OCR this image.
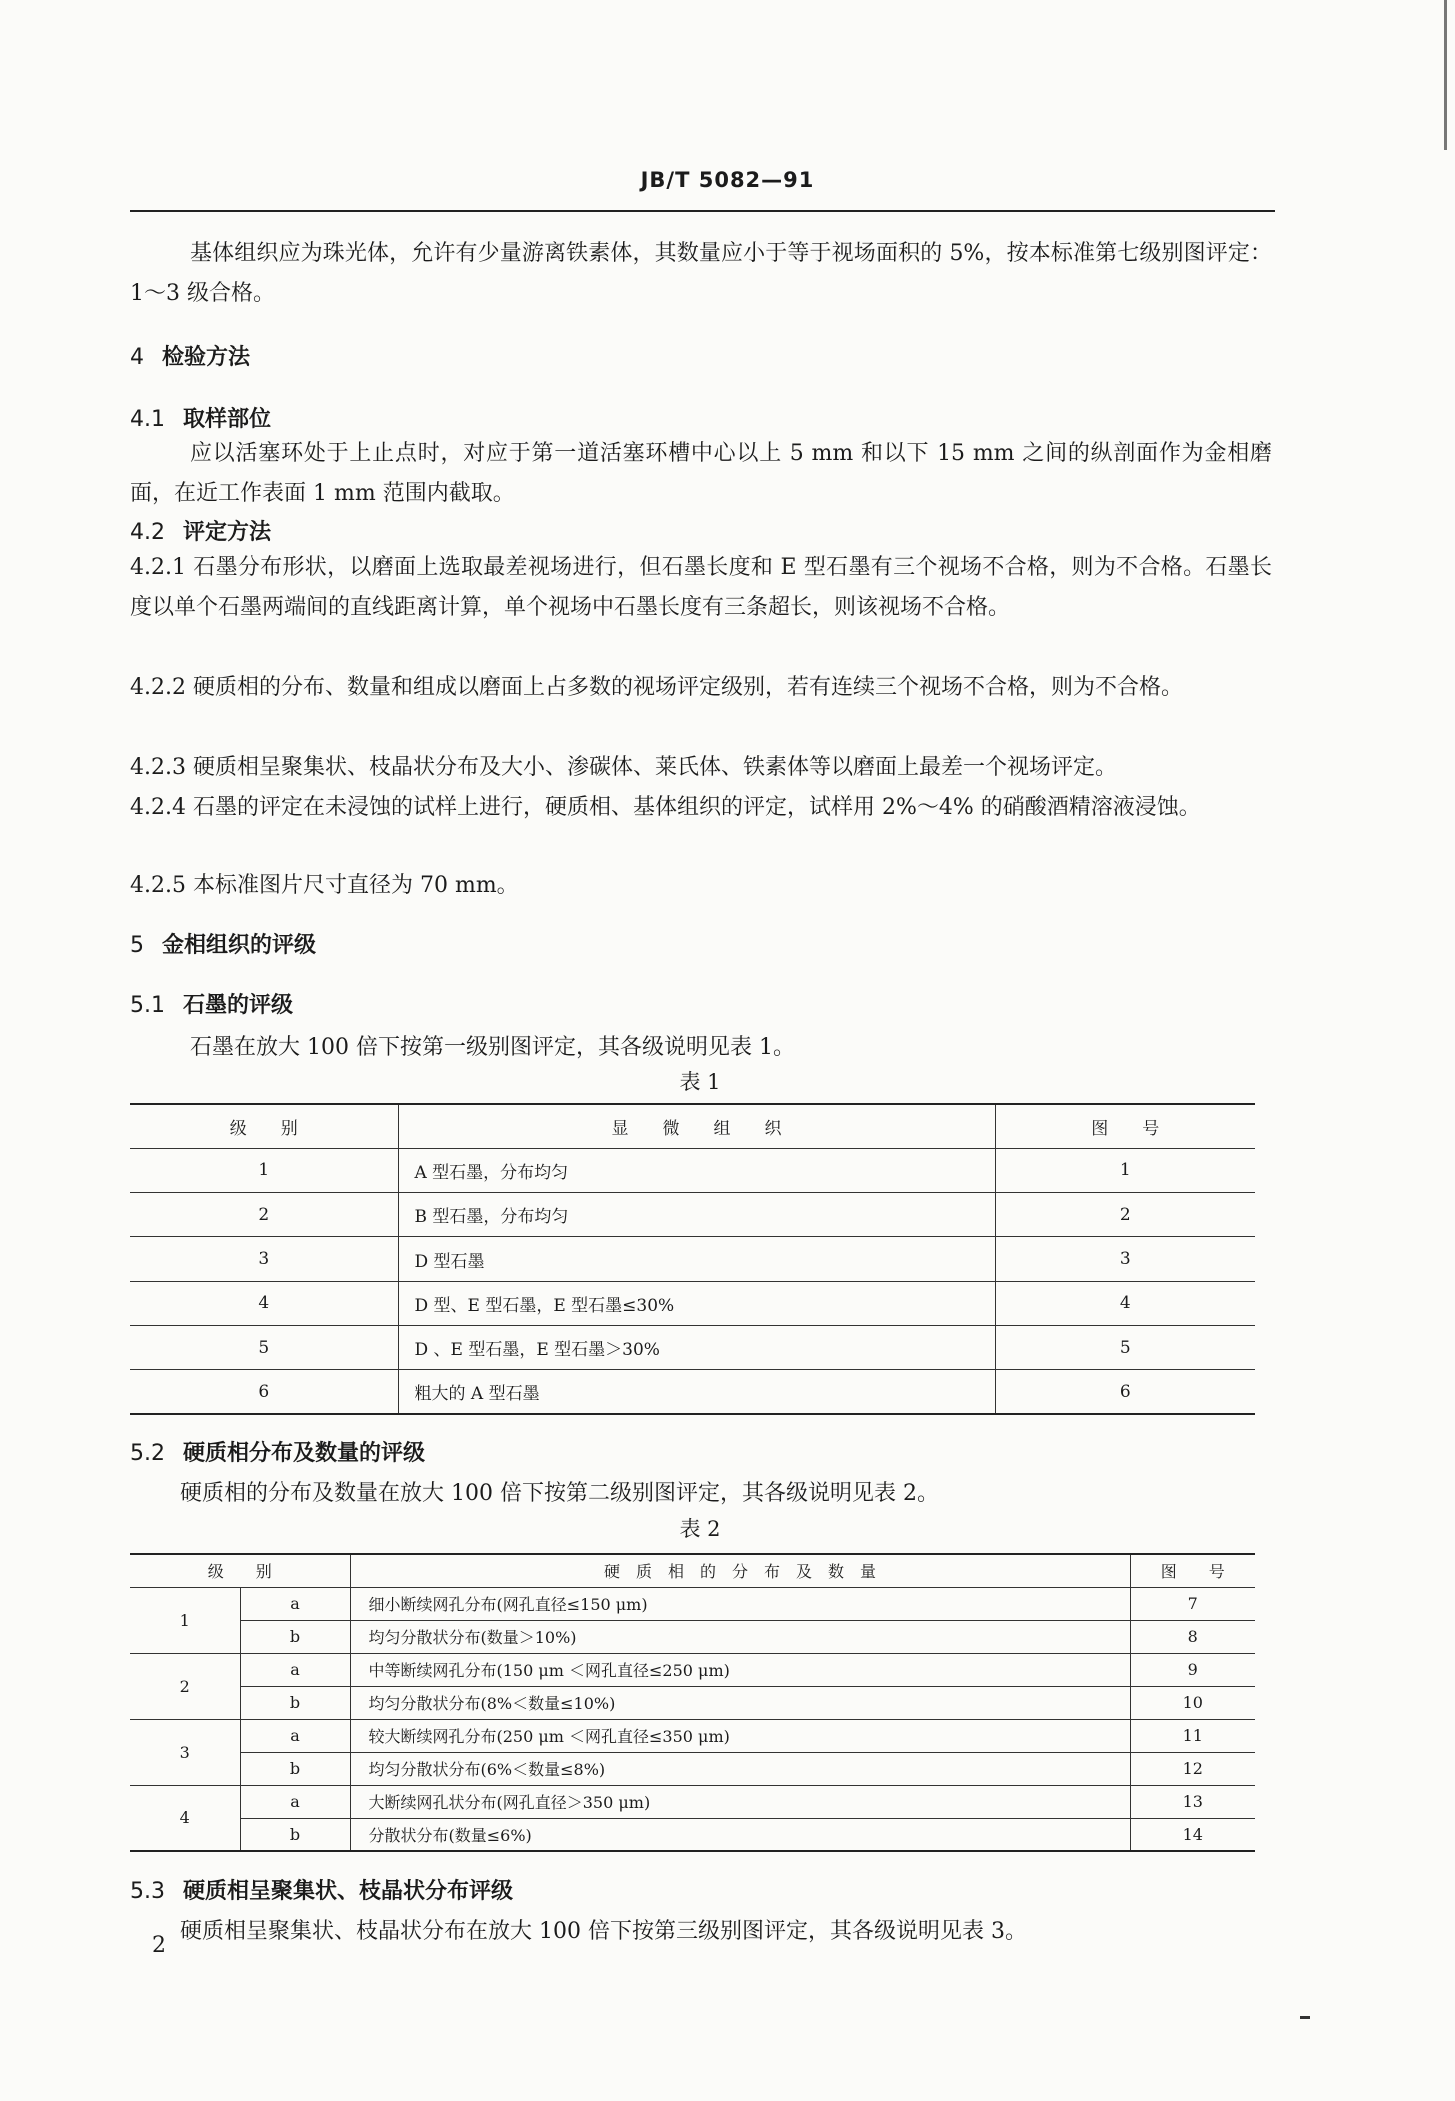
JB/T 5082—91
基体组织应为珠光体，允许有少量游离铁素体，其数量应小于等于视场面积的 5%，按本标准第七级别图评定：1～3 级合格。
4 检验方法
4.1 取样部位
应以活塞环处于上止点时，对应于第一道活塞环槽中心以上 5 mm 和以下 15 mm 之间的纵剖面作为金相磨面，在近工作表面 1 mm 范围内截取。
4.2 评定方法
4.2.1 石墨分布形状，以磨面上选取最差视场进行，但石墨长度和 E 型石墨有三个视场不合格，则为不合格。石墨长度以单个石墨两端间的直线距离计算，单个视场中石墨长度有三条超长，则该视场不合格。
4.2.2 硬质相的分布、数量和组成以磨面上占多数的视场评定级别，若有连续三个视场不合格，则为不合格。
4.2.3 硬质相呈聚集状、枝晶状分布及大小、渗碳体、莱氏体、铁素体等以磨面上最差一个视场评定。
4.2.4 石墨的评定在未浸蚀的试样上进行，硬质相、基体组织的评定，试样用 2%～4% 的硝酸酒精溶液浸蚀。
4.2.5 本标准图片尺寸直径为 70 mm。
5 金相组织的评级
5.1 石墨的评级
石墨在放大 100 倍下按第一级别图评定，其各级说明见表 1。
表 1
级　　别	显　　微　　组　　织	图　　号
1	A 型石墨，分布均匀	1
2	B 型石墨，分布均匀	2
3	D 型石墨	3
4	D 型、E 型石墨，E 型石墨≤30%	4
5	D 、E 型石墨，E 型石墨＞30%	5
6	粗大的 A 型石墨	6
5.2 硬质相分布及数量的评级
硬质相的分布及数量在放大 100 倍下按第二级别图评定，其各级说明见表 2。
表 2
级　　别		硬　质　相　的　分　布　及　数　量	图　　号
1	a	细小断续网孔分布(网孔直径≤150 μm)	7
	b	均匀分散状分布(数量＞10%)	8
2	a	中等断续网孔分布(150 μm ＜网孔直径≤250 μm)	9
	b	均匀分散状分布(8%＜数量≤10%)	10
3	a	较大断续网孔分布(250 μm ＜网孔直径≤350 μm)	11
	b	均匀分散状分布(6%＜数量≤8%)	12
4	a	大断续网孔状分布(网孔直径＞350 μm)	13
	b	分散状分布(数量≤6%)	14
5.3 硬质相呈聚集状、枝晶状分布评级
硬质相呈聚集状、枝晶状分布在放大 100 倍下按第三级别图评定，其各级说明见表 3。
2
